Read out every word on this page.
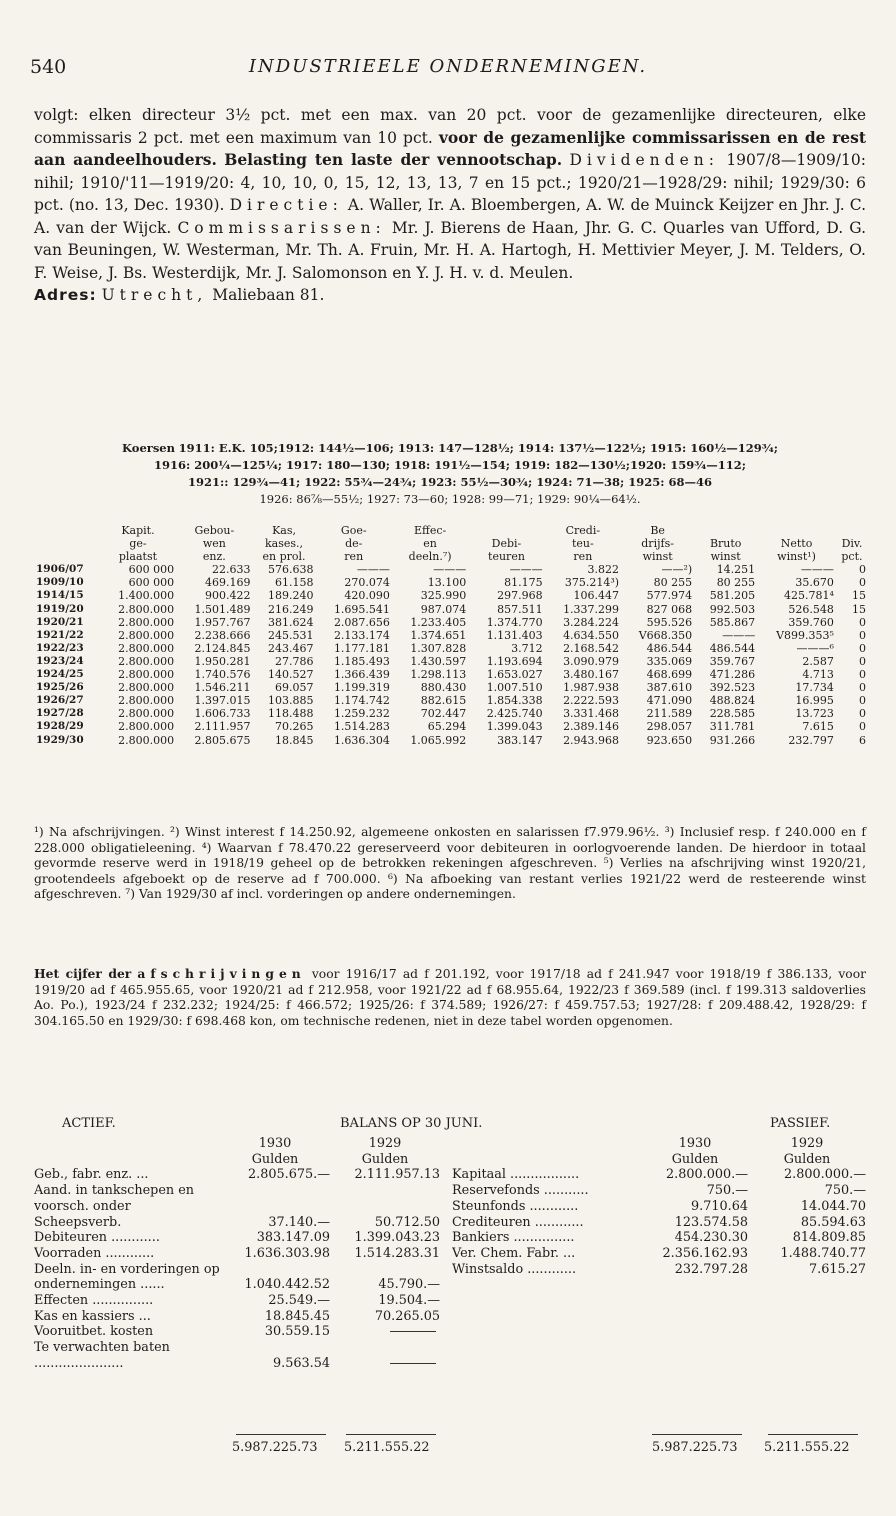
540	INDUSTRIEELE ONDERNEMINGEN.
volgt: elken directeur 3½ pct. met een max. van 20 pct. voor de gezamenlijke directeuren, elke commissaris 2 pct. met een maximum van 10 pct. voor de gezamenlijke commissarissen en de rest aan aandeelhouders. Belasting ten laste der vennootschap. Dividenden: 1907/8—1909/10: nihil; 1910/'11—1919/20: 4, 10, 10, 0, 15, 12, 13, 13, 7 en 15 pct.; 1920/21—1928/29: nihil; 1929/30: 6 pct. (no. 13, Dec. 1930). Directie: A. Waller, Ir. A. Bloembergen, A. W. de Muinck Keijzer en Jhr. J. C. A. van der Wijck. Commissarissen: Mr. J. Bierens de Haan, Jhr. G. C. Quarles van Ufford, D. G. van Beuningen, W. Westerman, Mr. Th. A. Fruin, Mr. H. A. Hartogh, H. Mettivier Meyer, J. M. Telders, O. F. Weise, J. Bs. Westerdijk, Mr. J. Salomonson en Y. J. H. v. d. Meulen.
Adres: Utrecht, Maliebaan 81.
Koersen 1911: E.K. 105;1912: 144½—106; 1913: 147—128½; 1914: 137½—122½; 1915: 160½—129¾;
1916: 200¼—125¼; 1917: 180—130; 1918: 191½—154; 1919: 182—130½;1920: 159¾—112;
1921:: 129¾—41; 1922: 55¾—24¾; 1923: 55½—30¾; 1924: 71—38; 1925: 68—46
1926: 86⅞—55½; 1927: 73—60; 1928: 99—71; 1929: 90¼—64½.
	Kapit.	Gebou-	Kas,	Goe-	Effec-		Credi-	Be			
	ge-	wen	kases.,	de-	en	Debi-	teu-	drijfs-	Bruto	Netto	Div.
	plaatst	enz.	en prol.	ren	deeln.⁷)	teuren	ren	winst	winst	winst¹)	pct.
1906/07	600 000	22.633	576.638	———	———	———	3.822	——²)	14.251	———	0
1909/10	600 000	469.169	61.158	270.074	13.100	81.175	375.214³)	80 255	80 255	35.670	0
1914/15	1.400.000	900.422	189.240	420.090	325.990	297.968	106.447	577.974	581.205	425.781⁴	15
1919/20	2.800.000	1.501.489	216.249	1.695.541	987.074	857.511	1.337.299	827 068	992.503	526.548	15
1920/21	2.800.000	1.957.767	381.624	2.087.656	1.233.405	1.374.770	3.284.224	595.526	585.867	359.760	0
1921/22	2.800.000	2.238.666	245.531	2.133.174	1.374.651	1.131.403	4.634.550	V668.350	———	V899.353⁵	0
1922/23	2.800.000	2.124.845	243.467	1.177.181	1.307.828	3.712	2.168.542	486.544	486.544	———⁶	0
1923/24	2.800.000	1.950.281	27.786	1.185.493	1.430.597	1.193.694	3.090.979	335.069	359.767	2.587	0
1924/25	2.800.000	1.740.576	140.527	1.366.439	1.298.113	1.653.027	3.480.167	468.699	471.286	4.713	0
1925/26	2.800.000	1.546.211	69.057	1.199.319	880.430	1.007.510	1.987.938	387.610	392.523	17.734	0
1926/27	2.800.000	1.397.015	103.885	1.174.742	882.615	1.854.338	2.222.593	471.090	488.824	16.995	0
1927/28	2.800.000	1.606.733	118.488	1.259.232	702.447	2.425.740	3.331.468	211.589	228.585	13.723	0
1928/29	2.800.000	2.111.957	70.265	1.514.283	65.294	1.399.043	2.389.146	298.057	311.781	7.615	0
1929/30	2.800.000	2.805.675	18.845	1.636.304	1.065.992	383.147	2.943.968	923.650	931.266	232.797	6
¹) Na afschrijvingen. ²) Winst interest f 14.250.92, algemeene onkosten en salarissen f7.979.96½. ³) Inclusief resp. f 240.000 en f 228.000 obligatieleening. ⁴) Waarvan f 78.470.22 gereserveerd voor debiteuren in oorlogvoerende landen. De hierdoor in totaal gevormde reserve werd in 1918/19 geheel op de betrokken rekeningen afgeschreven. ⁵) Verlies na afschrijving winst 1920/21, grootendeels afgeboekt op de reserve ad f 700.000. ⁶) Na afboeking van restant verlies 1921/22 werd de resteerende winst afgeschreven. ⁷) Van 1929/30 af incl. vorderingen op andere ondernemingen.
Het cijfer der afschrijvingen voor 1916/17 ad f 201.192, voor 1917/18 ad f 241.947 voor 1918/19 f 386.133, voor 1919/20 ad f 465.955.65, voor 1920/21 ad f 212.958, voor 1921/22 ad f 68.955.64, 1922/23 f 369.589 (incl. f 199.313 saldoverlies Ao. Po.), 1923/24 f 232.232; 1924/25: f 466.572; 1925/26: f 374.589; 1926/27: f 459.757.53; 1927/28: f 209.488.42, 1928/29: f 304.165.50 en 1929/30: f 698.468 kon, om technische redenen, niet in deze tabel worden opgenomen.
ACTIEF.	BALANS OP 30 JUNI.	PASSIEF.
1930	1929
Gulden	Gulden
Geb., fabr. enz. ...	2.805.675.—	2.111.957.13
Aand. in tankschepen en voorsch. onder Scheepsverb.	37.140.—	50.712.50
Debiteuren ............	383.147.09	1.399.043.23
Voorraden ............	1.636.303.98	1.514.283.31
Deeln. in- en vorderingen op ondernemingen ......	1.040.442.52	45.790.—
Effecten ...............	25.549.—	19.504.—
Kas en kassiers ...	18.845.45	70.265.05
Vooruitbet. kosten	30.559.15
Te verwachten baten ......................	9.563.54
1930	1929
Gulden	Gulden
Kapitaal .................	2.800.000.—	2.800.000.—
Reservefonds ...........	750.—	750.—
Steunfonds ............	9.710.64	14.044.70
Crediteuren ............	123.574.58	85.594.63
Bankiers ...............	454.230.30	814.809.85
Ver. Chem. Fabr. ...	2.356.162.93	1.488.740.77
Winstsaldo ............	232.797.28	7.615.27
5.987.225.73 5.211.555.22	5.987.225.73 5.211.555.22
